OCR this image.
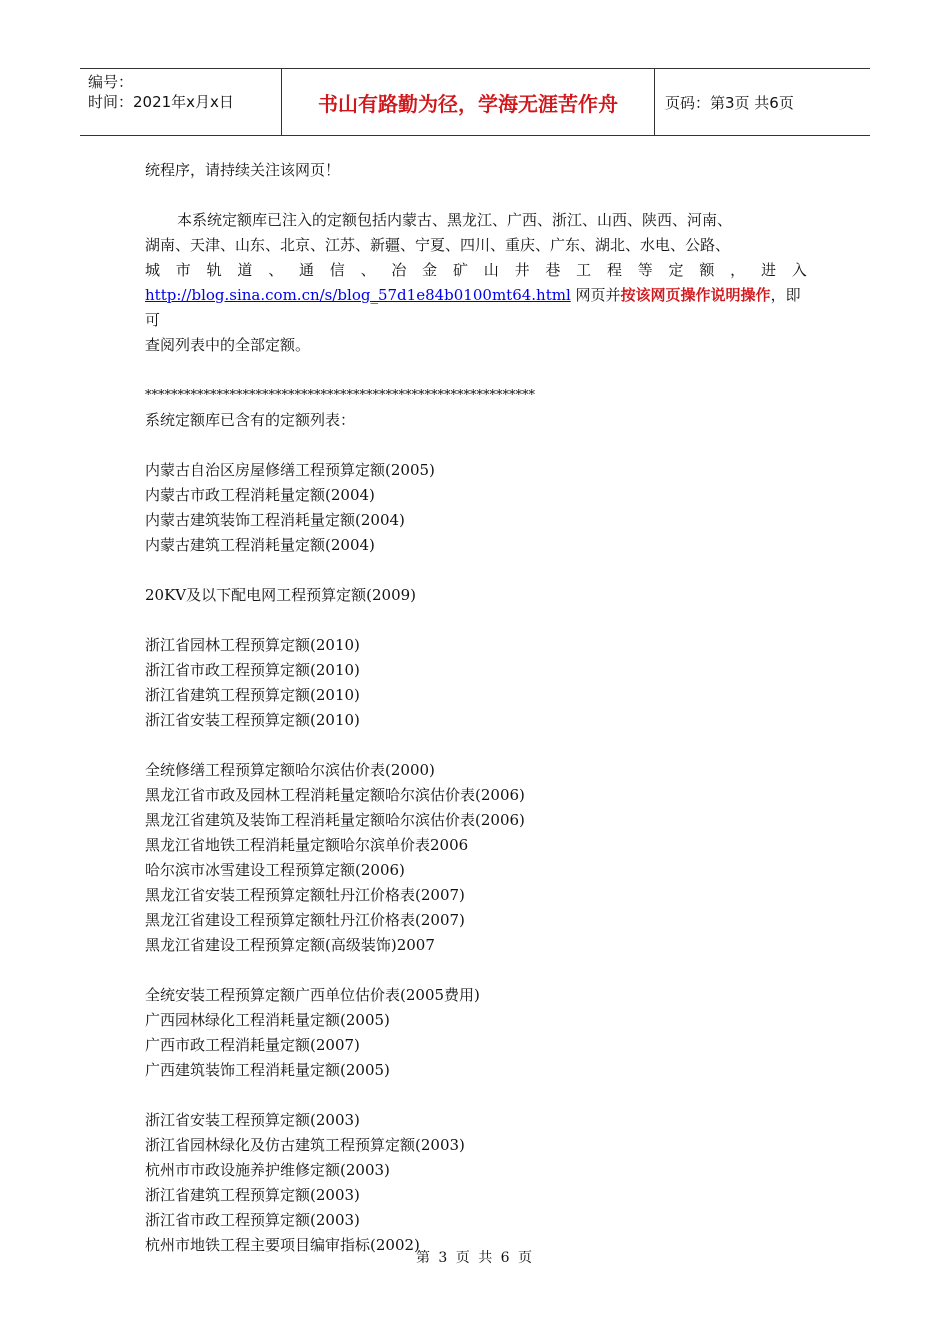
编号：
时间：2021年x月x日	书山有路勤为径，学海无涯苦作舟	页码：第3页 共6页

统程序，请持续关注该网页！

本系统定额库已注入的定额包括内蒙古、黑龙江、广西、浙江、山西、陕西、河南、

湖南、天津、山东、北京、江苏、新疆、宁夏、四川、重庆、广东、湖北、水电、公路、

城 市 轨 道 、 通 信 、 冶 金 矿 山 井 巷 工 程 等 定 额 ， 进 入

http://blog.sina.com.cn/s/blog_57d1e84b0100mt64.html 网页并按该网页操作说明操作，即可

查阅列表中的全部定额。

************************************************************

系统定额库已含有的定额列表：

内蒙古自治区房屋修缮工程预算定额(2005)

内蒙古市政工程消耗量定额(2004)

内蒙古建筑装饰工程消耗量定额(2004)

内蒙古建筑工程消耗量定额(2004)

20KV及以下配电网工程预算定额(2009)

浙江省园林工程预算定额(2010)

浙江省市政工程预算定额(2010)

浙江省建筑工程预算定额(2010)

浙江省安装工程预算定额(2010)

全统修缮工程预算定额哈尔滨估价表(2000)

黑龙江省市政及园林工程消耗量定额哈尔滨估价表(2006)

黑龙江省建筑及装饰工程消耗量定额哈尔滨估价表(2006)

黑龙江省地铁工程消耗量定额哈尔滨单价表2006

哈尔滨市冰雪建设工程预算定额(2006)

黑龙江省安装工程预算定额牡丹江价格表(2007)

黑龙江省建设工程预算定额牡丹江价格表(2007)

黑龙江省建设工程预算定额(高级装饰)2007

全统安装工程预算定额广西单位估价表(2005费用)

广西园林绿化工程消耗量定额(2005)

广西市政工程消耗量定额(2007)

广西建筑装饰工程消耗量定额(2005)

浙江省安装工程预算定额(2003)

浙江省园林绿化及仿古建筑工程预算定额(2003)

杭州市市政设施养护维修定额(2003)

浙江省建筑工程预算定额(2003)

浙江省市政工程预算定额(2003)

杭州市地铁工程主要项目编审指标(2002)

第 3 页 共 6 页
